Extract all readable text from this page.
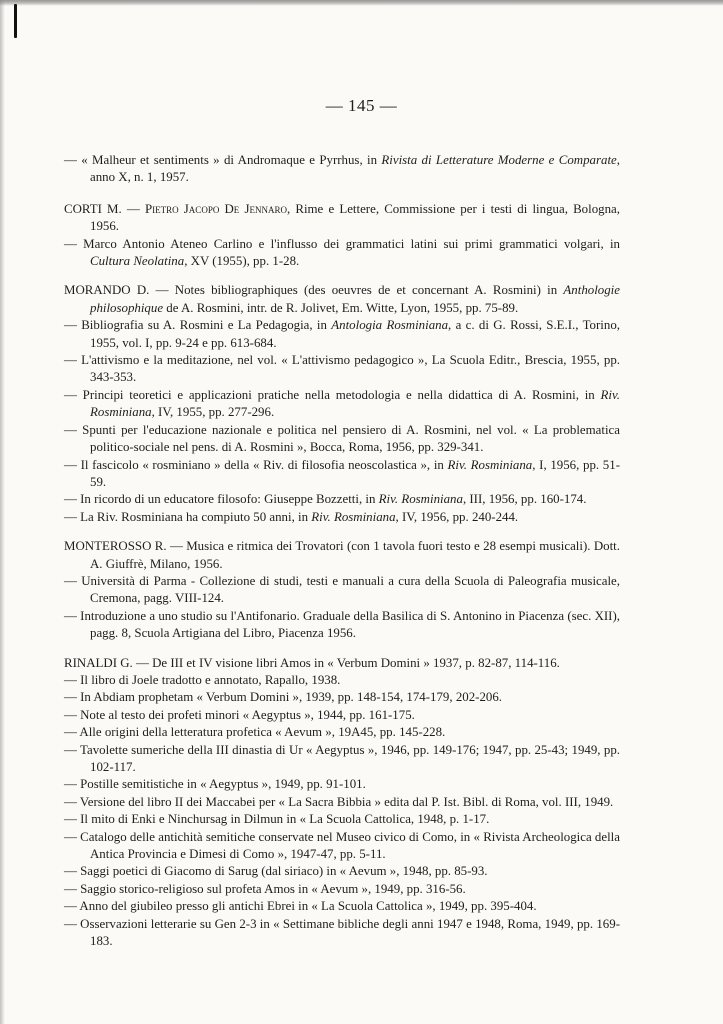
— 145 —

— « Malheur et sentiments » di Andromaque e Pyrrhus, in Rivista di Letterature Moderne e Comparate, anno X, n. 1, 1957.

CORTI M. — Pietro Jacopo De Jennaro, Rime e Lettere, Commissione per i testi di lingua, Bologna, 1956.

— Marco Antonio Ateneo Carlino e l'influsso dei grammatici latini sui primi grammatici volgari, in Cultura Neolatina, XV (1955), pp. 1-28.

MORANDO D. — Notes bibliographiques (des oeuvres de et concernant A. Rosmini) in Anthologie philosophique de A. Rosmini, intr. de R. Jolivet, Em. Witte, Lyon, 1955, pp. 75-89.

— Bibliografia su A. Rosmini e La Pedagogia, in Antologia Rosminiana, a c. di G. Rossi, S.E.I., Torino, 1955, vol. I, pp. 9-24 e pp. 613-684.

— L'attivismo e la meditazione, nel vol. « L'attivismo pedagogico », La Scuola Editr., Brescia, 1955, pp. 343-353.

— Principi teoretici e applicazioni pratiche nella metodologia e nella didattica di A. Rosmini, in Riv. Rosminiana, IV, 1955, pp. 277-296.

— Spunti per l'educazione nazionale e politica nel pensiero di A. Rosmini, nel vol. « La problematica politico-sociale nel pens. di A. Rosmini », Bocca, Roma, 1956, pp. 329-341.

— Il fascicolo « rosminiano » della « Riv. di filosofia neoscolastica », in Riv. Rosminiana, I, 1956, pp. 51-59.

— In ricordo di un educatore filosofo: Giuseppe Bozzetti, in Riv. Rosminiana, III, 1956, pp. 160-174.

— La Riv. Rosminiana ha compiuto 50 anni, in Riv. Rosminiana, IV, 1956, pp. 240-244.

MONTEROSSO R. — Musica e ritmica dei Trovatori (con 1 tavola fuori testo e 28 esempi musicali). Dott. A. Giuffrè, Milano, 1956.

— Università di Parma - Collezione di studi, testi e manuali a cura della Scuola di Paleografia musicale, Cremona, pagg. VIII-124.

— Introduzione a uno studio su l'Antifonario. Graduale della Basilica di S. Antonino in Piacenza (sec. XII), pagg. 8, Scuola Artigiana del Libro, Piacenza 1956.

RINALDI G. — De III et IV visione libri Amos in « Verbum Domini » 1937, p. 82-87, 114-116.

— Il libro di Joele tradotto e annotato, Rapallo, 1938.

— In Abdiam prophetam « Verbum Domini », 1939, pp. 148-154, 174-179, 202-206.

— Note al testo dei profeti minori « Aegyptus », 1944, pp. 161-175.

— Alle origini della letteratura profetica « Aevum », 19A45, pp. 145-228.

— Tavolette sumeriche della III dinastia di Ur « Aegyptus », 1946, pp. 149-176; 1947, pp. 25-43; 1949, pp. 102-117.

— Postille semitistiche in « Aegyptus », 1949, pp. 91-101.

— Versione del libro II dei Maccabei per « La Sacra Bibbia » edita dal P. Ist. Bibl. di Roma, vol. III, 1949.

— Il mito di Enki e Ninchursag in Dilmun in « La Scuola Cattolica, 1948, p. 1-17.

— Catalogo delle antichità semitiche conservate nel Museo civico di Como, in « Rivista Archeologica della Antica Provincia e Dimesi di Como », 1947-47, pp. 5-11.

— Saggi poetici di Giacomo di Sarug (dal siriaco) in « Aevum », 1948, pp. 85-93.

— Saggio storico-religioso sul profeta Amos in « Aevum », 1949, pp. 316-56.

— Anno del giubileo presso gli antichi Ebrei in « La Scuola Cattolica », 1949, pp. 395-404.

— Osservazioni letterarie su Gen 2-3 in « Settimane bibliche degli anni 1947 e 1948, Roma, 1949, pp. 169-183.
